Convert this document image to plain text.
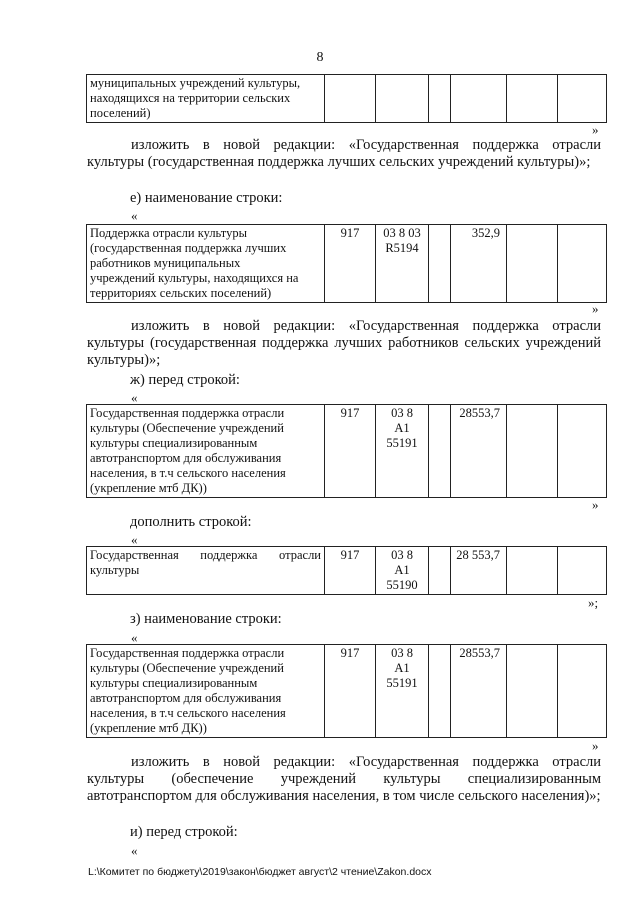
8
муниципальных учреждений культуры,
находящихся на территории сельских
поселений)

»
изложить в новой редакции: «Государственная поддержка отрасли культуры (государственная поддержка лучших сельских учреждений культуры)»;
е) наименование строки:
«
Поддержка отрасли культуры
(государственная поддержка лучших
работников муниципальных
учреждений культуры, находящихся на
территориях сельских поселений)
	917	03 8 03
R5194
		352,9		
»
изложить в новой редакции: «Государственная поддержка отрасли культуры (государственная поддержка лучших работников сельских учреждений культуры)»;
ж) перед строкой:
«
Государственная поддержка отрасли
культуры (Обеспечение учреждений
культуры специализированным
автотранспортом для обслуживания
населения, в т.ч сельского населения
(укрепление мтб ДК))
	917	03 8
A1
55191
		28553,7		
»
дополнить строкой:
«
Государственная поддержка отрасли
культуры
	917	03 8
A1
55190
		28 553,7		
»;
з) наименование строки:
«
Государственная поддержка отрасли
культуры (Обеспечение учреждений
культуры специализированным
автотранспортом для обслуживания
населения, в т.ч сельского населения
(укрепление мтб ДК))
	917	03 8
A1
55191
		28553,7		
»
изложить в новой редакции: «Государственная поддержка отрасли культуры (обеспечение учреждений культуры специализированным автотранспортом для обслуживания населения, в том числе сельского населения)»;
и) перед строкой:
«
L:\Комитет по бюджету\2019\закон\бюджет август\2 чтение\Zakon.docx
